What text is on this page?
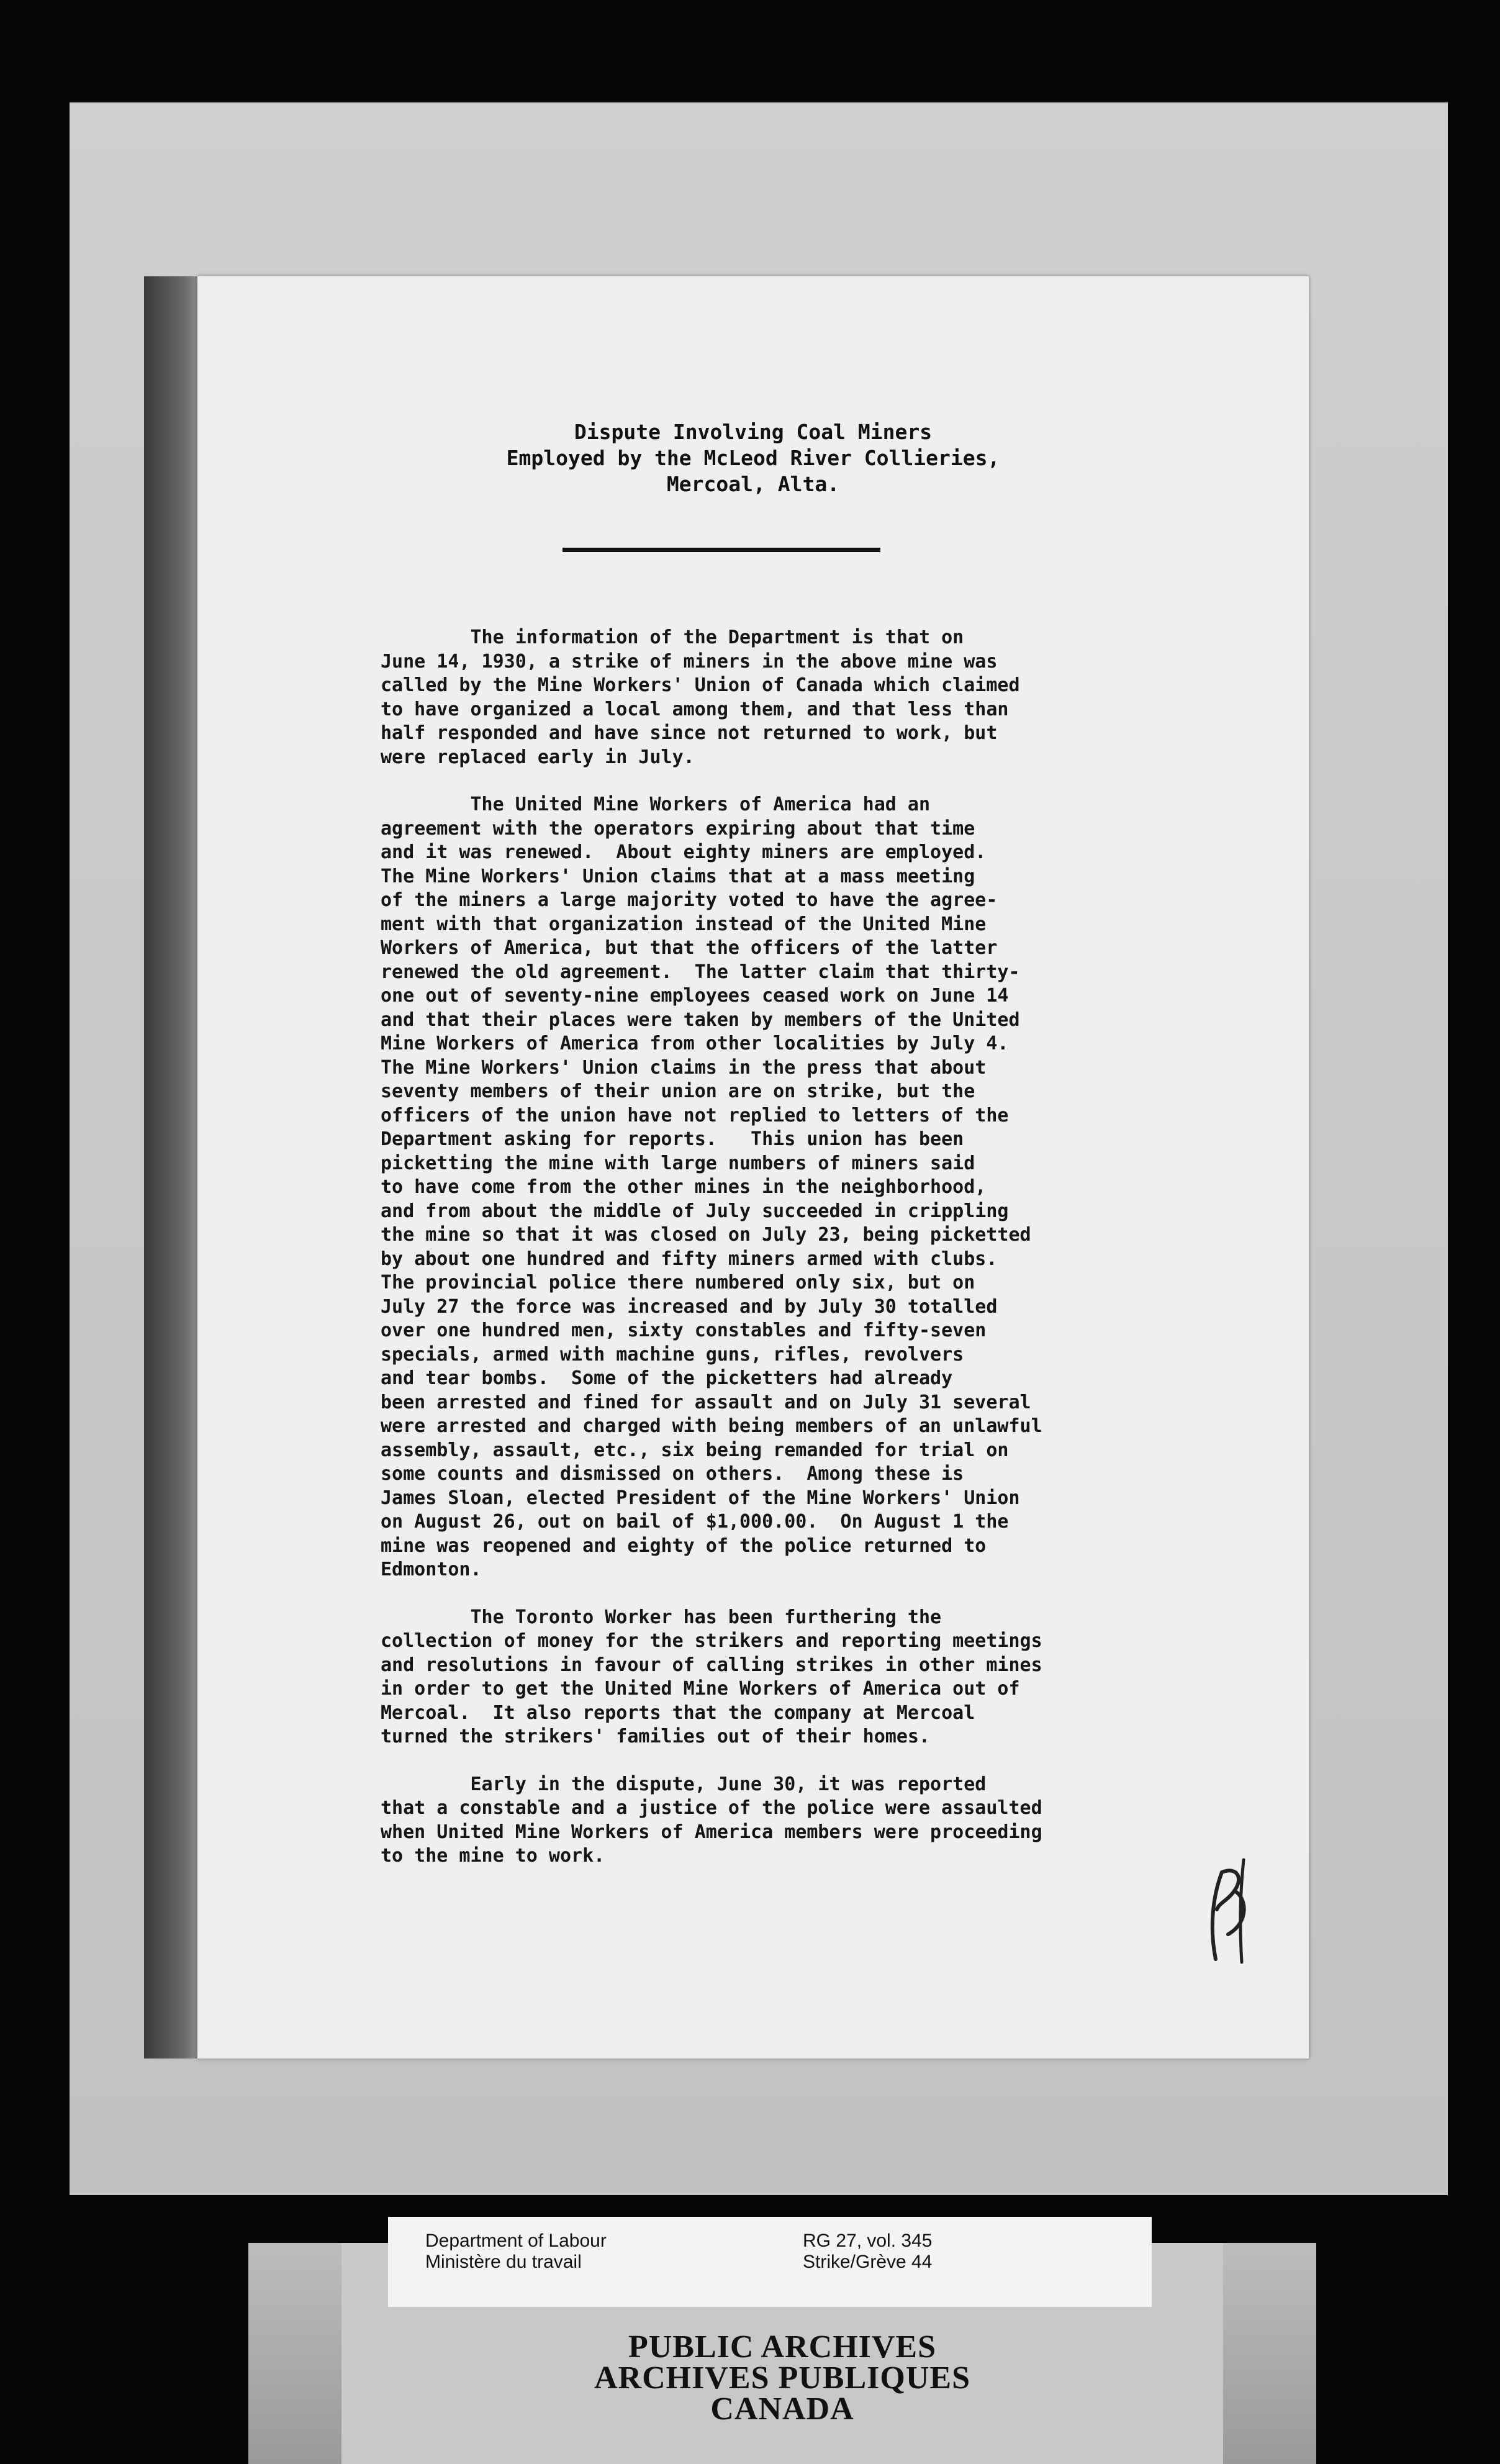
Dispute Involving Coal Miners
Employed by the McLeod River Collieries,
Mercoal, Alta.
The information of the Department is that on
June 14, 1930, a strike of miners in the above mine was
called by the Mine Workers' Union of Canada which claimed
to have organized a local among them, and that less than
half responded and have since not returned to work, but
were replaced early in July.
The United Mine Workers of America had an
agreement with the operators expiring about that time
and it was renewed.  About eighty miners are employed.
The Mine Workers' Union claims that at a mass meeting
of the miners a large majority voted to have the agree-
ment with that organization instead of the United Mine
Workers of America, but that the officers of the latter
renewed the old agreement.  The latter claim that thirty-
one out of seventy-nine employees ceased work on June 14
and that their places were taken by members of the United
Mine Workers of America from other localities by July 4.
The Mine Workers' Union claims in the press that about
seventy members of their union are on strike, but the
officers of the union have not replied to letters of the
Department asking for reports.   This union has been
picketting the mine with large numbers of miners said
to have come from the other mines in the neighborhood,
and from about the middle of July succeeded in crippling
the mine so that it was closed on July 23, being picketted
by about one hundred and fifty miners armed with clubs.
The provincial police there numbered only six, but on
July 27 the force was increased and by July 30 totalled
over one hundred men, sixty constables and fifty-seven
specials, armed with machine guns, rifles, revolvers
and tear bombs.  Some of the picketters had already
been arrested and fined for assault and on July 31 several
were arrested and charged with being members of an unlawful
assembly, assault, etc., six being remanded for trial on
some counts and dismissed on others.  Among these is
James Sloan, elected President of the Mine Workers' Union
on August 26, out on bail of $1,000.00.  On August 1 the
mine was reopened and eighty of the police returned to
Edmonton.
The Toronto Worker has been furthering the
collection of money for the strikers and reporting meetings
and resolutions in favour of calling strikes in other mines
in order to get the United Mine Workers of America out of
Mercoal.  It also reports that the company at Mercoal
turned the strikers' families out of their homes.
Early in the dispute, June 30, it was reported
that a constable and a justice of the police were assaulted
when United Mine Workers of America members were proceeding
to the mine to work.
PUBLIC ARCHIVES
ARCHIVES PUBLIQUES
CANADA
Department of Labour
Ministère du travail
RG 27, vol. 345
Strike/Grève 44
